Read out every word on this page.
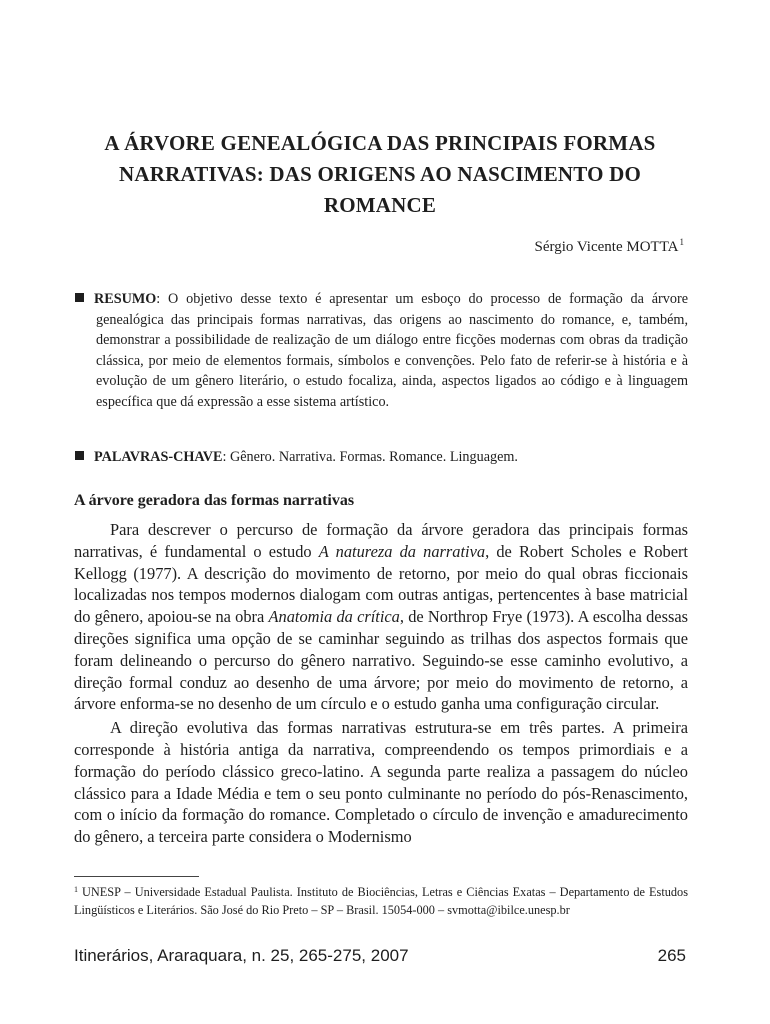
A ÁRVORE GENEALÓGICA DAS PRINCIPAIS FORMAS
NARRATIVAS: DAS ORIGENS AO NASCIMENTO DO
ROMANCE
Sérgio Vicente MOTTA$^1$

RESUMO: O objetivo desse texto é apresentar um esboço do processo de formação da árvore genealógica das principais formas narrativas, das origens ao nascimento do romance, e, também, demonstrar a possibilidade de realização de um diálogo entre ficções modernas com obras da tradição clássica, por meio de elementos formais, símbolos e convenções. Pelo fato de referir-se à história e à evolução de um gênero literário, o estudo focaliza, ainda, aspectos ligados ao código e à linguagem específica que dá expressão a esse sistema artístico.

PALAVRAS-CHAVE: Gênero. Narrativa. Formas. Romance. Linguagem.
A árvore geradora das formas narrativas

Para descrever o percurso de formação da árvore geradora das principais formas narrativas, é fundamental o estudo A natureza da narrativa, de Robert Scholes e Robert Kellogg (1977). A descrição do movimento de retorno, por meio do qual obras ficcionais localizadas nos tempos modernos dialogam com outras antigas, pertencentes à base matricial do gênero, apoiou-se na obra Anatomia da crítica, de Northrop Frye (1973). A escolha dessas direções significa uma opção de se caminhar seguindo as trilhas dos aspectos formais que foram delineando o percurso do gênero narrativo. Seguindo-se esse caminho evolutivo, a direção formal conduz ao desenho de uma árvore; por meio do movimento de retorno, a árvore enforma-se no desenho de um círculo e o estudo ganha uma configuração circular.

A direção evolutiva das formas narrativas estrutura-se em três partes. A primeira corresponde à história antiga da narrativa, compreendendo os tempos primordiais e a formação do período clássico greco-latino. A segunda parte realiza a passagem do núcleo clássico para a Idade Média e tem o seu ponto culminante no período do pós-Renascimento, com o início da formação do romance. Completado o círculo de invenção e amadurecimento do gênero, a terceira parte considera o Modernismo

$^1$ UNESP – Universidade Estadual Paulista. Instituto de Biociências, Letras e Ciências Exatas – Departamento de Estudos Lingüísticos e Literários. São José do Rio Preto – SP – Brasil. 15054-000 – svmotta@ibilce.unesp.br
Itinerários, Araraquara, n. 25, 265-275, 2007	265
